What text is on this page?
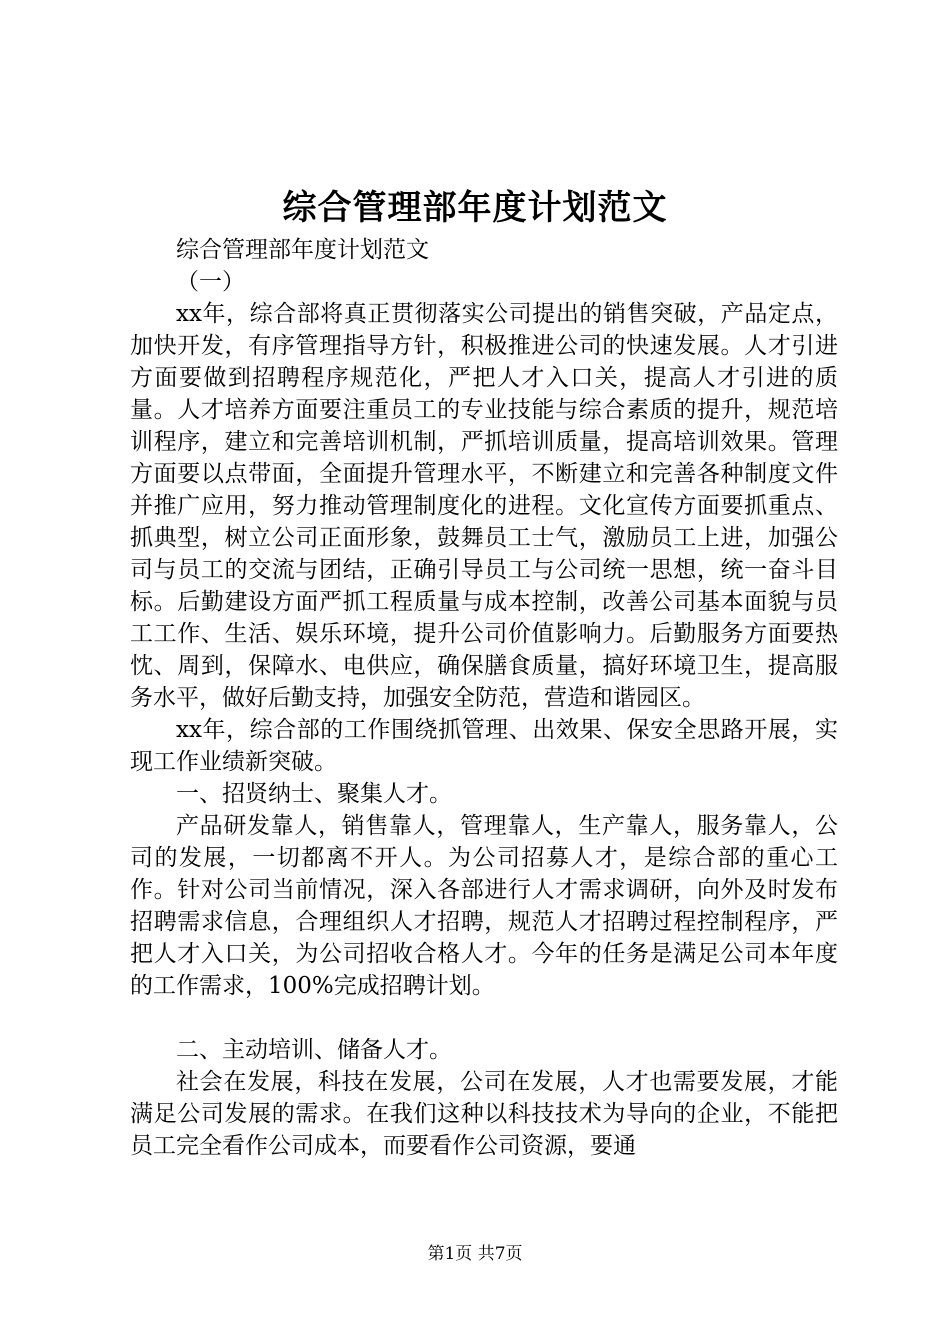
综合管理部年度计划范文

综合管理部年度计划范文

（一）

xx年，综合部将真正贯彻落实公司提出的销售突破，产品定点，加快开发，有序管理指导方针，积极推进公司的快速发展。人才引进方面要做到招聘程序规范化，严把人才入口关，提高人才引进的质量。人才培养方面要注重员工的专业技能与综合素质的提升，规范培训程序，建立和完善培训机制，严抓培训质量，提高培训效果。管理方面要以点带面，全面提升管理水平，不断建立和完善各种制度文件并推广应用，努力推动管理制度化的进程。文化宣传方面要抓重点、抓典型，树立公司正面形象，鼓舞员工士气，激励员工上进，加强公司与员工的交流与团结，正确引导员工与公司统一思想，统一奋斗目标。后勤建设方面严抓工程质量与成本控制，改善公司基本面貌与员工工作、生活、娱乐环境，提升公司价值影响力。后勤服务方面要热忱、周到，保障水、电供应，确保膳食质量，搞好环境卫生，提高服务水平，做好后勤支持，加强安全防范，营造和谐园区。

xx年，综合部的工作围绕抓管理、出效果、保安全思路开展，实现工作业绩新突破。

一、招贤纳士、聚集人才。

产品研发靠人，销售靠人，管理靠人，生产靠人，服务靠人，公司的发展，一切都离不开人。为公司招募人才，是综合部的重心工作。针对公司当前情况，深入各部进行人才需求调研，向外及时发布招聘需求信息，合理组织人才招聘，规范人才招聘过程控制程序，严把人才入口关，为公司招收合格人才。今年的任务是满足公司本年度的工作需求，100%完成招聘计划。

二、主动培训、储备人才。

社会在发展，科技在发展，公司在发展，人才也需要发展，才能满足公司发展的需求。在我们这种以科技技术为导向的企业，不能把员工完全看作公司成本，而要看作公司资源，要通

第1页 共7页
